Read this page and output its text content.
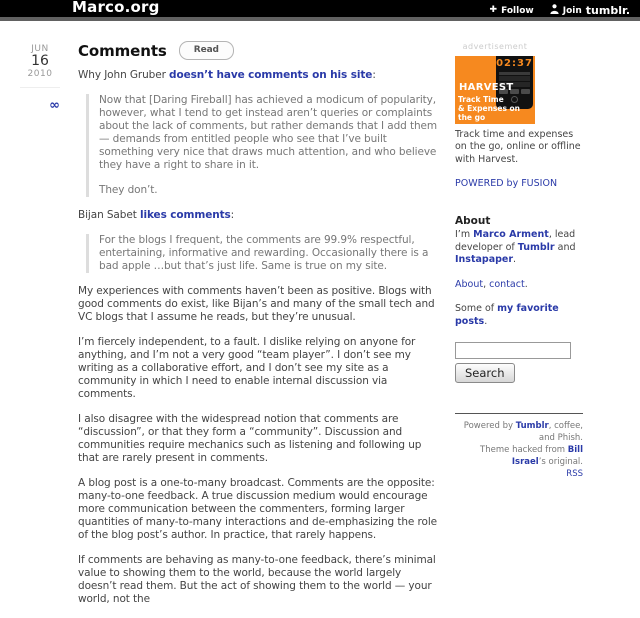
Marco.org	✚ Follow	Join tumblr.
JUN
16
2010
∞
Comments	Read

Why John Gruber doesn’t have comments on his site:

Now that [Daring Fireball] has achieved a modicum of popularity, however, what I tend to get instead aren’t queries or complaints about the lack of comments, but rather demands that I add them — demands from entitled people who see that I’ve built something very nice that draws much attention, and who believe they have a right to share in it.

They don’t.

Bijan Sabet likes comments:

For the blogs I frequent, the comments are 99.9% respectful, entertaining, informative and rewarding. Occasionally there is a bad apple …but that’s just life. Same is true on my site.

My experiences with comments haven’t been as positive. Blogs with good comments do exist, like Bijan’s and many of the small tech and VC blogs that I assume he reads, but they’re unusual.

I’m fiercely independent, to a fault. I dislike relying on anyone for anything, and I’m not a very good “team player”. I don’t see my writing as a collaborative effort, and I don’t see my site as a community in which I need to enable internal discussion via comments.

I also disagree with the widespread notion that comments are “discussion”, or that they form a “community”. Discussion and communities require mechanics such as listening and following up that are rarely present in comments.

A blog post is a one-to-many broadcast. Comments are the opposite: many-to-one feedback. A true discussion medium would encourage more communication between the commenters, forming larger quantities of many-to-many interactions and de-emphasizing the role of the blog post’s author. In practice, that rarely happens.

If comments are behaving as many-to-one feedback, there’s minimal value to showing them to the world, because the world largely doesn’t read them. But the act of showing them to the world — your world, not the

advertisement
02:37
HARVEST
Track Time
& Expenses on the go

Track time and expenses on the go, online or offline with Harvest.

POWERED by FUSION
About

I’m Marco Arment, lead developer of Tumblr and Instapaper.

About, contact.

Some of my favorite posts.

Search

Powered by Tumblr, coffee, and Phish.

Theme hacked from Bill Israel’s original.

RSS
